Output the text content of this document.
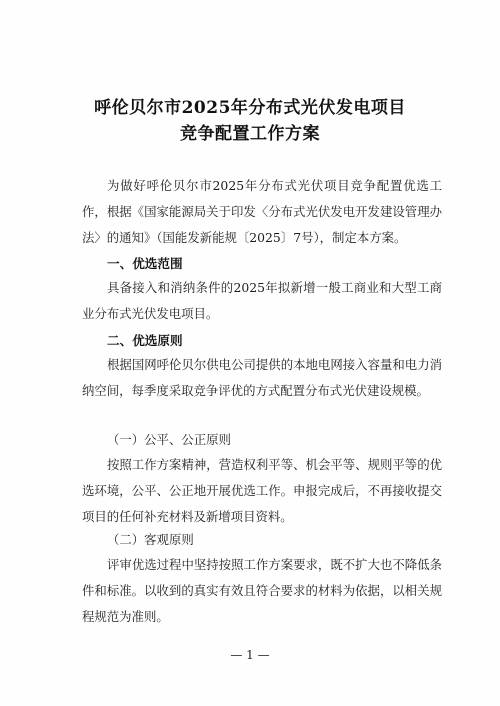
呼伦贝尔市2025年分布式光伏发电项目
竞争配置工作方案
为做好呼伦贝尔市2025年分布式光伏项目竞争配置优选工作，根据《国家能源局关于印发〈分布式光伏发电开发建设管理办法〉的通知》（国能发新能规〔2025〕7号），制定本方案。
一、优选范围
具备接入和消纳条件的2025年拟新增一般工商业和大型工商业分布式光伏发电项目。
二、优选原则
根据国网呼伦贝尔供电公司提供的本地电网接入容量和电力消纳空间，每季度采取竞争评优的方式配置分布式光伏建设规模。
（一）公平、公正原则
按照工作方案精神，营造权利平等、机会平等、规则平等的优选环境，公平、公正地开展优选工作。申报完成后，不再接收提交项目的任何补充材料及新增项目资料。
（二）客观原则
评审优选过程中坚持按照工作方案要求，既不扩大也不降低条件和标准。以收到的真实有效且符合要求的材料为依据，以相关规程规范为准则。
— 1 —
